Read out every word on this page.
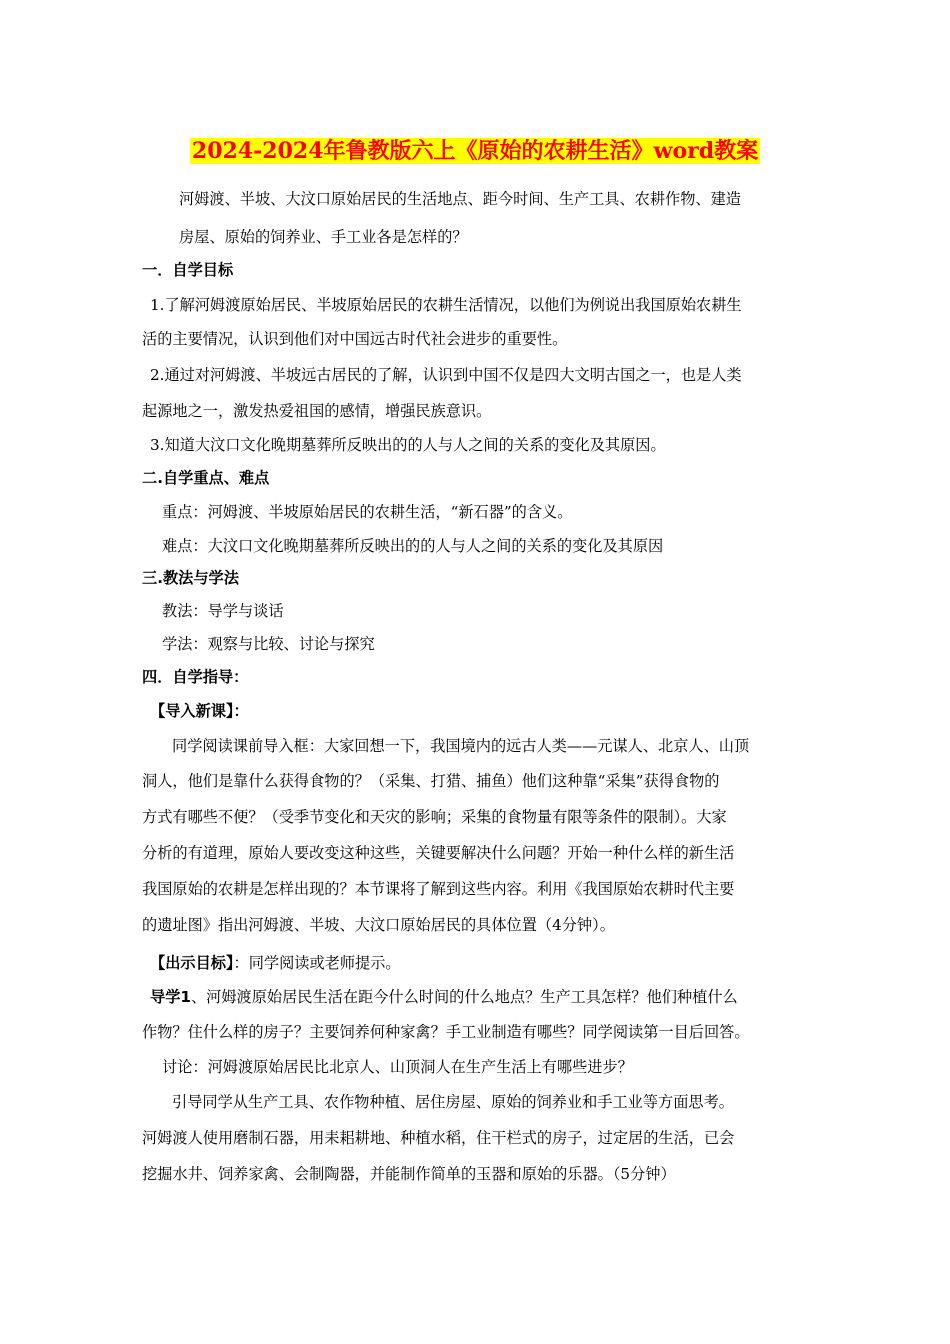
2024-2024年鲁教版六上《原始的农耕生活》word教案
河姆渡、半坡、大汶口原始居民的生活地点、距今时间、生产工具、农耕作物、建造
房屋、原始的饲养业、手工业各是怎样的？
一．自学目标
1.了解河姆渡原始居民、半坡原始居民的农耕生活情况，以他们为例说出我国原始农耕生
活的主要情况，认识到他们对中国远古时代社会进步的重要性。
2.通过对河姆渡、半坡远古居民的了解，认识到中国不仅是四大文明古国之一，也是人类
起源地之一，激发热爱祖国的感情，增强民族意识。
3.知道大汶口文化晚期墓葬所反映出的的人与人之间的关系的变化及其原因。
二.自学重点、难点
重点：河姆渡、半坡原始居民的农耕生活，“新石器”的含义。
难点：大汶口文化晚期墓葬所反映出的的人与人之间的关系的变化及其原因
三.教法与学法
教法：导学与谈话
学法：观察与比较、讨论与探究
四．自学指导：
【导入新课】：
同学阅读课前导入框：大家回想一下，我国境内的远古人类——元谋人、北京人、山顶
洞人，他们是靠什么获得食物的？（采集、打猎、捕鱼）他们这种靠“采集”获得食物的
方式有哪些不便？（受季节变化和天灾的影响；采集的食物量有限等条件的限制）。大家
分析的有道理，原始人要改变这种这些，关键要解决什么问题？开始一种什么样的新生活
我国原始的农耕是怎样出现的？本节课将了解到这些内容。利用《我国原始农耕时代主要
的遗址图》指出河姆渡、半坡、大汶口原始居民的具体位置（4分钟）。
【出示目标】：同学阅读或老师提示。
导学1、河姆渡原始居民生活在距今什么时间的什么地点？生产工具怎样？他们种植什么
作物？住什么样的房子？主要饲养何种家禽？手工业制造有哪些？同学阅读第一目后回答。
讨论：河姆渡原始居民比北京人、山顶洞人在生产生活上有哪些进步？
引导同学从生产工具、农作物种植、居住房屋、原始的饲养业和手工业等方面思考。
河姆渡人使用磨制石器，用耒耜耕地、种植水稻，住干栏式的房子，过定居的生活，已会
挖掘水井、饲养家禽、会制陶器，并能制作简单的玉器和原始的乐器。（5分钟）
